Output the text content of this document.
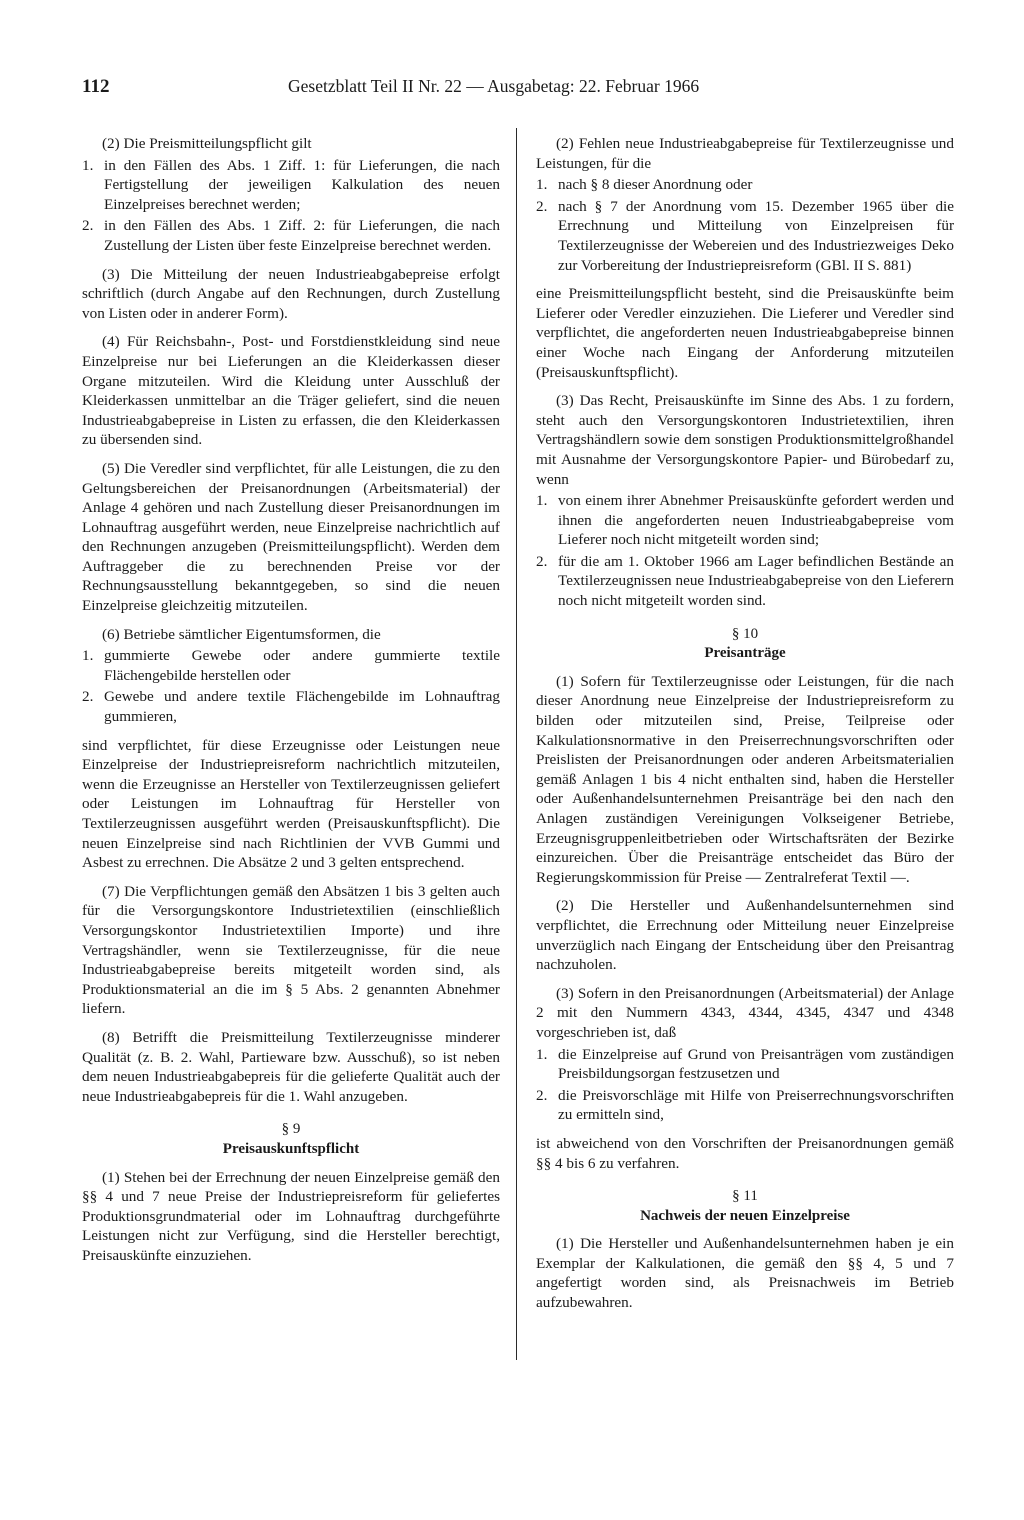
112	Gesetzblatt Teil II Nr. 22 — Ausgabetag: 22. Februar 1966

(2) Die Preismitteilungspflicht gilt

1. in den Fällen des Abs. 1 Ziff. 1: für Lieferungen, die nach Fertigstellung der jeweiligen Kalkulation des neuen Einzelpreises berechnet werden;
2. in den Fällen des Abs. 1 Ziff. 2: für Lieferungen, die nach Zustellung der Listen über feste Einzelpreise berechnet werden.

(3) Die Mitteilung der neuen Industrieabgabepreise erfolgt schriftlich (durch Angabe auf den Rechnungen, durch Zustellung von Listen oder in anderer Form).

(4) Für Reichsbahn-, Post- und Forstdienstkleidung sind neue Einzelpreise nur bei Lieferungen an die Kleiderkassen dieser Organe mitzuteilen. Wird die Kleidung unter Ausschluß der Kleiderkassen unmittelbar an die Träger geliefert, sind die neuen Industrieabgabepreise in Listen zu erfassen, die den Kleiderkassen zu übersenden sind.

(5) Die Veredler sind verpflichtet, für alle Leistungen, die zu den Geltungsbereichen der Preisanordnungen (Arbeitsmaterial) der Anlage 4 gehören und nach Zustellung dieser Preisanordnungen im Lohnauftrag ausgeführt werden, neue Einzelpreise nachrichtlich auf den Rechnungen anzugeben (Preismitteilungspflicht). Werden dem Auftraggeber die zu berechnenden Preise vor der Rechnungsausstellung bekanntgegeben, so sind die neuen Einzelpreise gleichzeitig mitzuteilen.

(6) Betriebe sämtlicher Eigentumsformen, die

1. gummierte Gewebe oder andere gummierte textile Flächengebilde herstellen oder
2. Gewebe und andere textile Flächengebilde im Lohnauftrag gummieren,

sind verpflichtet, für diese Erzeugnisse oder Leistungen neue Einzelpreise der Industriepreisreform nachrichtlich mitzuteilen, wenn die Erzeugnisse an Hersteller von Textilerzeugnissen geliefert oder Leistungen im Lohnauftrag für Hersteller von Textilerzeugnissen ausgeführt werden (Preisauskunftspflicht). Die neuen Einzelpreise sind nach Richtlinien der VVB Gummi und Asbest zu errechnen. Die Absätze 2 und 3 gelten entsprechend.

(7) Die Verpflichtungen gemäß den Absätzen 1 bis 3 gelten auch für die Versorgungskontore Industrietextilien (einschließlich Versorgungskontor Industrietextilien Importe) und ihre Vertragshändler, wenn sie Textilerzeugnisse, für die neue Industrieabgabepreise bereits mitgeteilt worden sind, als Produktionsmaterial an die im § 5 Abs. 2 genannten Abnehmer liefern.

(8) Betrifft die Preismitteilung Textilerzeugnisse minderer Qualität (z. B. 2. Wahl, Partieware bzw. Ausschuß), so ist neben dem neuen Industrieabgabepreis für die gelieferte Qualität auch der neue Industrieabgabepreis für die 1. Wahl anzugeben.

§ 9
Preisauskunftspflicht

(1) Stehen bei der Errechnung der neuen Einzelpreise gemäß den §§ 4 und 7 neue Preise der Industriepreisreform für geliefertes Produktionsgrundmaterial oder im Lohnauftrag durchgeführte Leistungen nicht zur Verfügung, sind die Hersteller berechtigt, Preisauskünfte einzuziehen.

(2) Fehlen neue Industrieabgabepreise für Textilerzeugnisse und Leistungen, für die

1. nach § 8 dieser Anordnung oder
2. nach § 7 der Anordnung vom 15. Dezember 1965 über die Errechnung und Mitteilung von Einzelpreisen für Textilerzeugnisse der Webereien und des Industriezweiges Deko zur Vorbereitung der Industriepreisreform (GBl. II S. 881)

eine Preismitteilungspflicht besteht, sind die Preisauskünfte beim Lieferer oder Veredler einzuziehen. Die Lieferer und Veredler sind verpflichtet, die angeforderten neuen Industrieabgabepreise binnen einer Woche nach Eingang der Anforderung mitzuteilen (Preisauskunftspflicht).

(3) Das Recht, Preisauskünfte im Sinne des Abs. 1 zu fordern, steht auch den Versorgungskontoren Industrietextilien, ihren Vertragshändlern sowie dem sonstigen Produktionsmittelgroßhandel mit Ausnahme der Versorgungskontore Papier- und Bürobedarf zu, wenn

1. von einem ihrer Abnehmer Preisauskünfte gefordert werden und ihnen die angeforderten neuen Industrieabgabepreise vom Lieferer noch nicht mitgeteilt worden sind;
2. für die am 1. Oktober 1966 am Lager befindlichen Bestände an Textilerzeugnissen neue Industrieabgabepreise von den Lieferern noch nicht mitgeteilt worden sind.
§ 10
Preisanträge

(1) Sofern für Textilerzeugnisse oder Leistungen, für die nach dieser Anordnung neue Einzelpreise der Industriepreisreform zu bilden oder mitzuteilen sind, Preise, Teilpreise oder Kalkulationsnormative in den Preiserrechnungsvorschriften oder Preislisten der Preisanordnungen oder anderen Arbeitsmaterialien gemäß Anlagen 1 bis 4 nicht enthalten sind, haben die Hersteller oder Außenhandelsunternehmen Preisanträge bei den nach den Anlagen zuständigen Vereinigungen Volkseigener Betriebe, Erzeugnisgruppenleitbetrieben oder Wirtschaftsräten der Bezirke einzureichen. Über die Preisanträge entscheidet das Büro der Regierungskommission für Preise — Zentralreferat Textil —.

(2) Die Hersteller und Außenhandelsunternehmen sind verpflichtet, die Errechnung oder Mitteilung neuer Einzelpreise unverzüglich nach Eingang der Entscheidung über den Preisantrag nachzuholen.

(3) Sofern in den Preisanordnungen (Arbeitsmaterial) der Anlage 2 mit den Nummern 4343, 4344, 4345, 4347 und 4348 vorgeschrieben ist, daß

1. die Einzelpreise auf Grund von Preisanträgen vom zuständigen Preisbildungsorgan festzusetzen und
2. die Preisvorschläge mit Hilfe von Preiserrechnungsvorschriften zu ermitteln sind,

ist abweichend von den Vorschriften der Preisanordnungen gemäß §§ 4 bis 6 zu verfahren.

§ 11
Nachweis der neuen Einzelpreise

(1) Die Hersteller und Außenhandelsunternehmen haben je ein Exemplar der Kalkulationen, die gemäß den §§ 4, 5 und 7 angefertigt worden sind, als Preisnachweis im Betrieb aufzubewahren.
